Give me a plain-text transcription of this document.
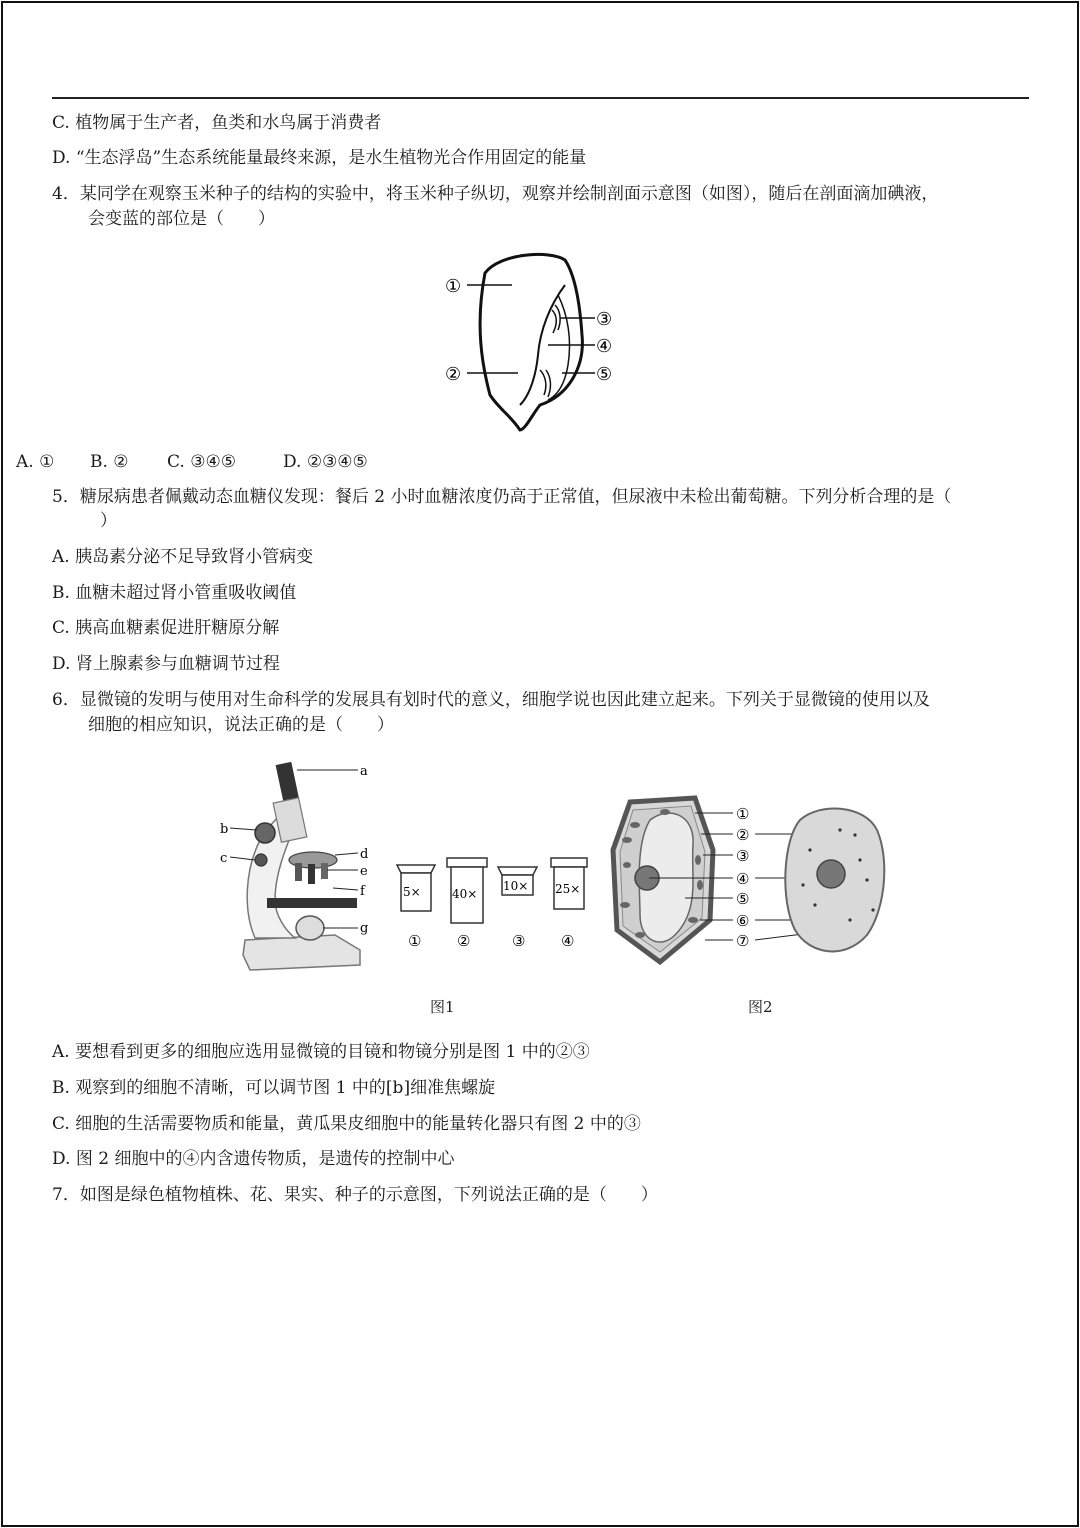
C. 植物属于生产者，鱼类和水鸟属于消费者
D. “生态浮岛”生态系统能量最终来源，是水生植物光合作用固定的能量
4．某同学在观察玉米种子的结构的实验中，将玉米种子纵切，观察并绘制剖面示意图（如图），随后在剖面滴加碘液，
会变蓝的部位是（　　）
①
②
③
④
⑤
A. ① B. ② C. ③④⑤	D. ②③④⑤
5．糖尿病患者佩戴动态血糖仪发现：餐后 2 小时血糖浓度仍高于正常值，但尿液中未检出葡萄糖。下列分析合理的是（
）
A. 胰岛素分泌不足导致肾小管病变
B. 血糖未超过肾小管重吸收阈值
C. 胰高血糖素促进肝糖原分解
D. 肾上腺素参与血糖调节过程
6．显微镜的发明与使用对生命科学的发展具有划时代的意义，细胞学说也因此建立起来。下列关于显微镜的使用以及
细胞的相应知识，说法正确的是（　　）
a
b
c	d
e
f
g
5×	40×
10× 25×
① ②	③ ④
①
②
③
④
⑤
⑥
⑦
图1	图2
A. 要想看到更多的细胞应选用显微镜的目镜和物镜分别是图 1 中的②③
B. 观察到的细胞不清晰，可以调节图 1 中的[b]细准焦螺旋
C. 细胞的生活需要物质和能量，黄瓜果皮细胞中的能量转化器只有图 2 中的③
D. 图 2 细胞中的④内含遗传物质，是遗传的控制中心
7．如图是绿色植物植株、花、果实、种子的示意图，下列说法正确的是（　　）
